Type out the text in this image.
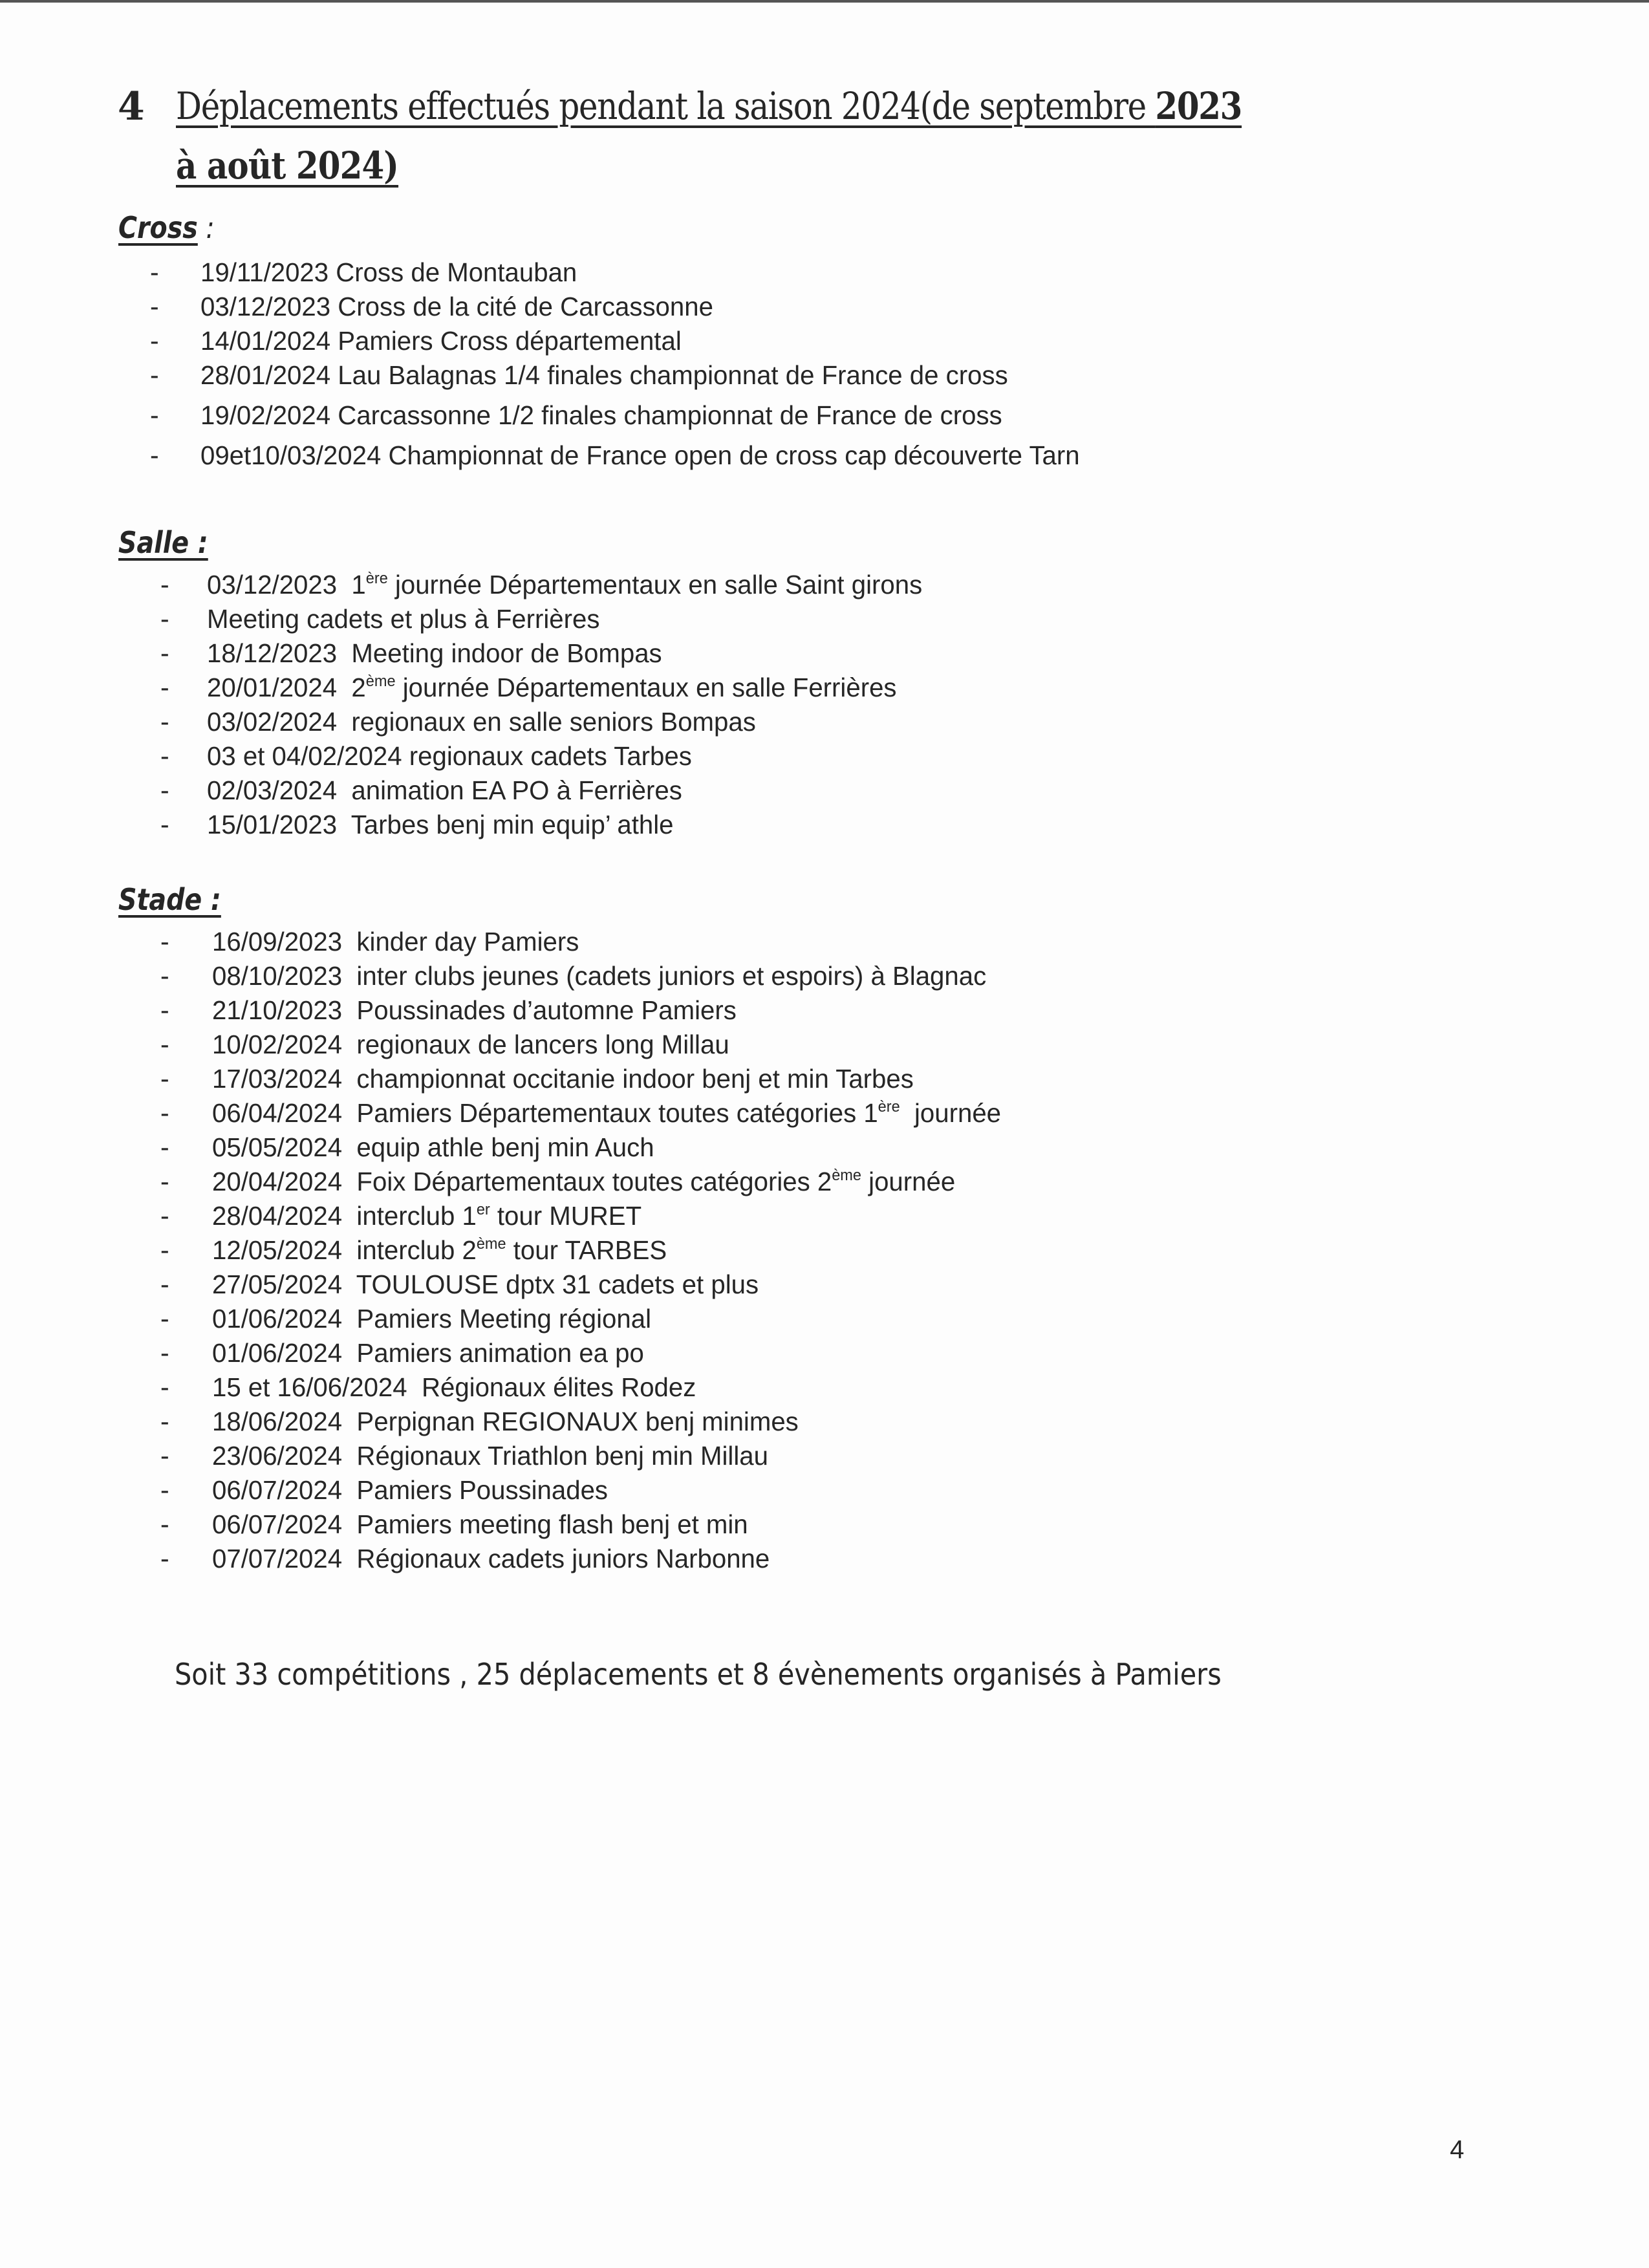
4 Déplacements effectués pendant la saison 2024(de septembre 2023
à août 2024)
Cross :
- 19/11/2023 Cross de Montauban
- 03/12/2023 Cross de la cité de Carcassonne
- 14/01/2024 Pamiers Cross départemental
- 28/01/2024 Lau Balagnas 1/4 finales championnat de France de cross
- 19/02/2024 Carcassonne 1/2 finales championnat de France de cross
- 09et10/03/2024 Championnat de France open de cross cap découverte Tarn
Salle :
- 03/12/2023  1ère journée Départementaux en salle Saint girons
- Meeting cadets et plus à Ferrières
- 18/12/2023  Meeting indoor de Bompas
- 20/01/2024  2ème journée Départementaux en salle Ferrières
- 03/02/2024  regionaux en salle seniors Bompas
- 03 et 04/02/2024 regionaux cadets Tarbes
- 02/03/2024  animation EA PO à Ferrières
- 15/01/2023  Tarbes benj min equip’ athle
Stade :
- 16/09/2023  kinder day Pamiers
- 08/10/2023  inter clubs jeunes (cadets juniors et espoirs) à Blagnac
- 21/10/2023  Poussinades d’automne Pamiers
- 10/02/2024  regionaux de lancers long Millau
- 17/03/2024  championnat occitanie indoor benj et min Tarbes
- 06/04/2024  Pamiers Départementaux toutes catégories 1ère  journée
- 05/05/2024  equip athle benj min Auch
- 20/04/2024  Foix Départementaux toutes catégories 2ème journée
- 28/04/2024  interclub 1er tour MURET
- 12/05/2024  interclub 2ème tour TARBES
- 27/05/2024  TOULOUSE dptx 31 cadets et plus
- 01/06/2024  Pamiers Meeting régional
- 01/06/2024  Pamiers animation ea po
- 15 et 16/06/2024  Régionaux élites Rodez
- 18/06/2024  Perpignan REGIONAUX benj minimes
- 23/06/2024  Régionaux Triathlon benj min Millau
- 06/07/2024  Pamiers Poussinades
- 06/07/2024  Pamiers meeting flash benj et min
- 07/07/2024  Régionaux cadets juniors Narbonne
Soit 33 compétitions , 25 déplacements et 8 évènements organisés à Pamiers
4
